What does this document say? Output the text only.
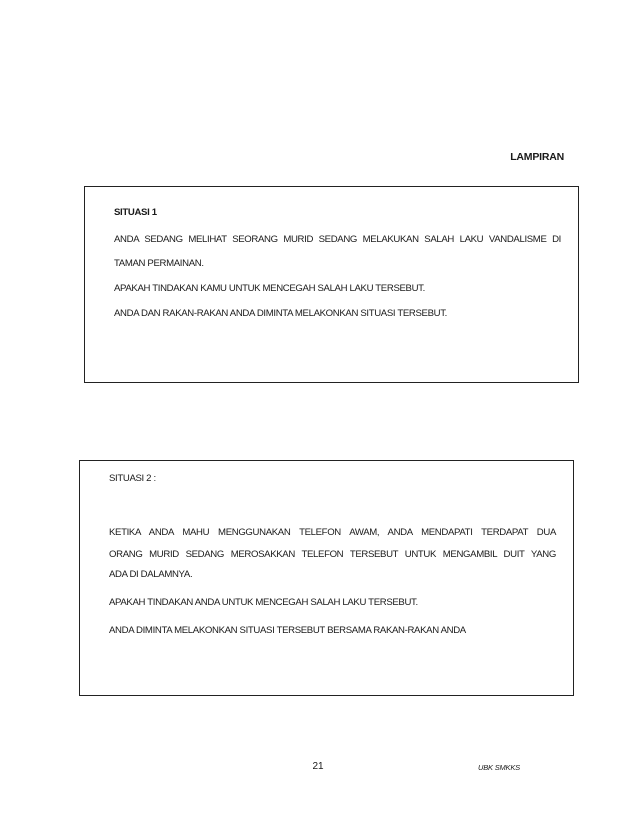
LAMPIRAN
SITUASI 1
ANDA SEDANG MELIHAT SEORANG MURID SEDANG MELAKUKAN SALAH LAKU VANDALISME DI
TAMAN PERMAINAN.
APAKAH TINDAKAN KAMU UNTUK MENCEGAH SALAH LAKU TERSEBUT.
ANDA DAN RAKAN-RAKAN ANDA DIMINTA MELAKONKAN SITUASI TERSEBUT.
SITUASI 2 :
KETIKA ANDA MAHU MENGGUNAKAN TELEFON AWAM, ANDA MENDAPATI TERDAPAT DUA
ORANG MURID SEDANG MEROSAKKAN TELEFON TERSEBUT UNTUK MENGAMBIL DUIT YANG
ADA DI DALAMNYA.
APAKAH TINDAKAN ANDA UNTUK MENCEGAH SALAH LAKU TERSEBUT.
ANDA DIMINTA MELAKONKAN SITUASI TERSEBUT BERSAMA RAKAN-RAKAN ANDA
21	UBK SMKKS
